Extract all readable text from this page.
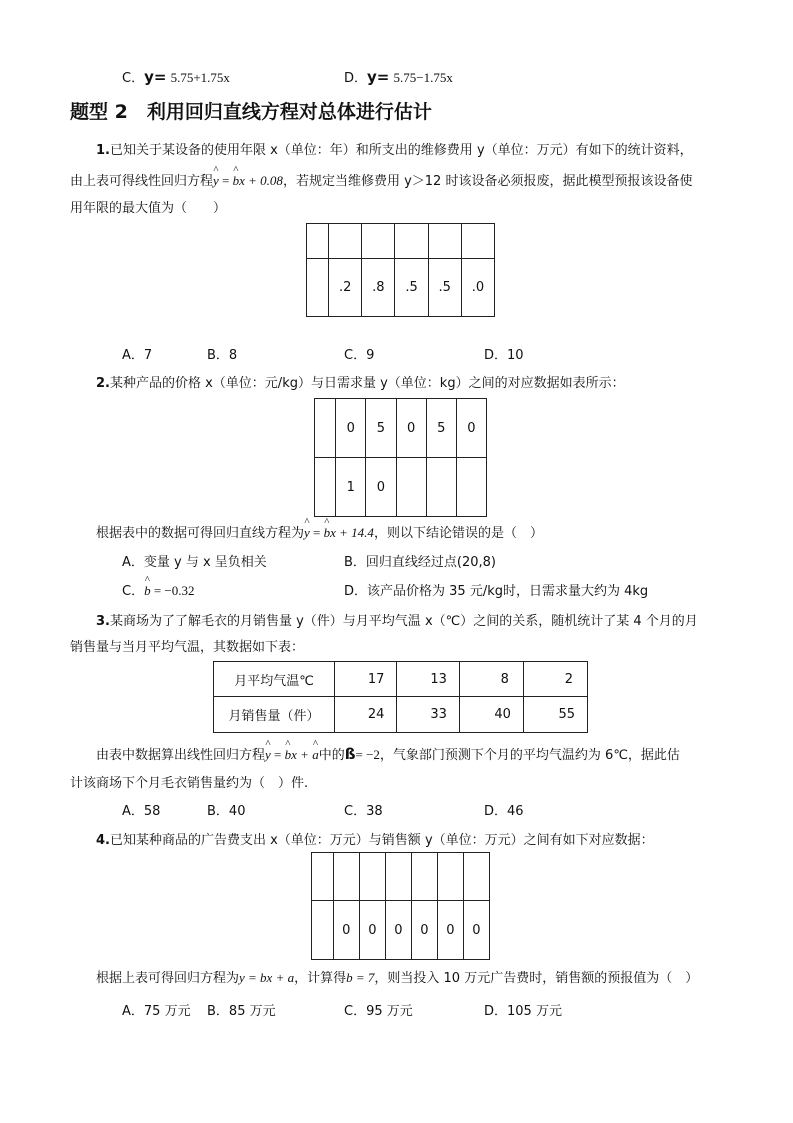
C．y= 5.75+1.75x	D．y= 5.75−1.75x
题型 2　利用回归直线方程对总体进行估计
1.已知关于某设备的使用年限 x（单位：年）和所支出的维修费用 y（单位：万元）有如下的统计资料，
由上表可得线性回归方程^ y = ^ bx + 0.08，若规定当维修费用 y＞12 时该设备必须报废，据此模型预报该设备使
用年限的最大值为（　　）

	.2	.8	.5	.5	.0
A．7	B．8	C．9	D．10
2.某种产品的价格 x（单位：元/kg）与日需求量 y（单位：kg）之间的对应数据如表所示：
	0	5	0	5	0
	1	0			
根据表中的数据可得回归直线方程为^ y = ^ bx + 14.4，则以下结论错误的是（　）
A．变量 y 与 x 呈负相关	B．回归直线经过点(20,8)
C．^ b = −0.32	D．该产品价格为 35 元/kg时，日需求量大约为 4kg
3.某商场为了了解毛衣的月销售量 y（件）与月平均气温 x（℃）之间的关系，随机统计了某 4 个月的月
销售量与当月平均气温，其数据如下表：
月平均气温℃	17	13	8	2
月销售量（件）	24	33	40	55
由表中数据算出线性回归方程^ y = ^ bx + ^ a中的ß= −2，气象部门预测下个月的平均气温约为 6℃，据此估
计该商场下个月毛衣销售量约为（　）件.
A．58	B．40	C．38	D．46
4.已知某种商品的广告费支出 x（单位：万元）与销售额 y（单位：万元）之间有如下对应数据：

	0	0	0	0	0	0
根据上表可得回归方程为y = bx + a，计算得b = 7，则当投入 10 万元广告费时，销售额的预报值为（　）
A．75 万元 B．85 万元	C．95 万元	D．105 万元
